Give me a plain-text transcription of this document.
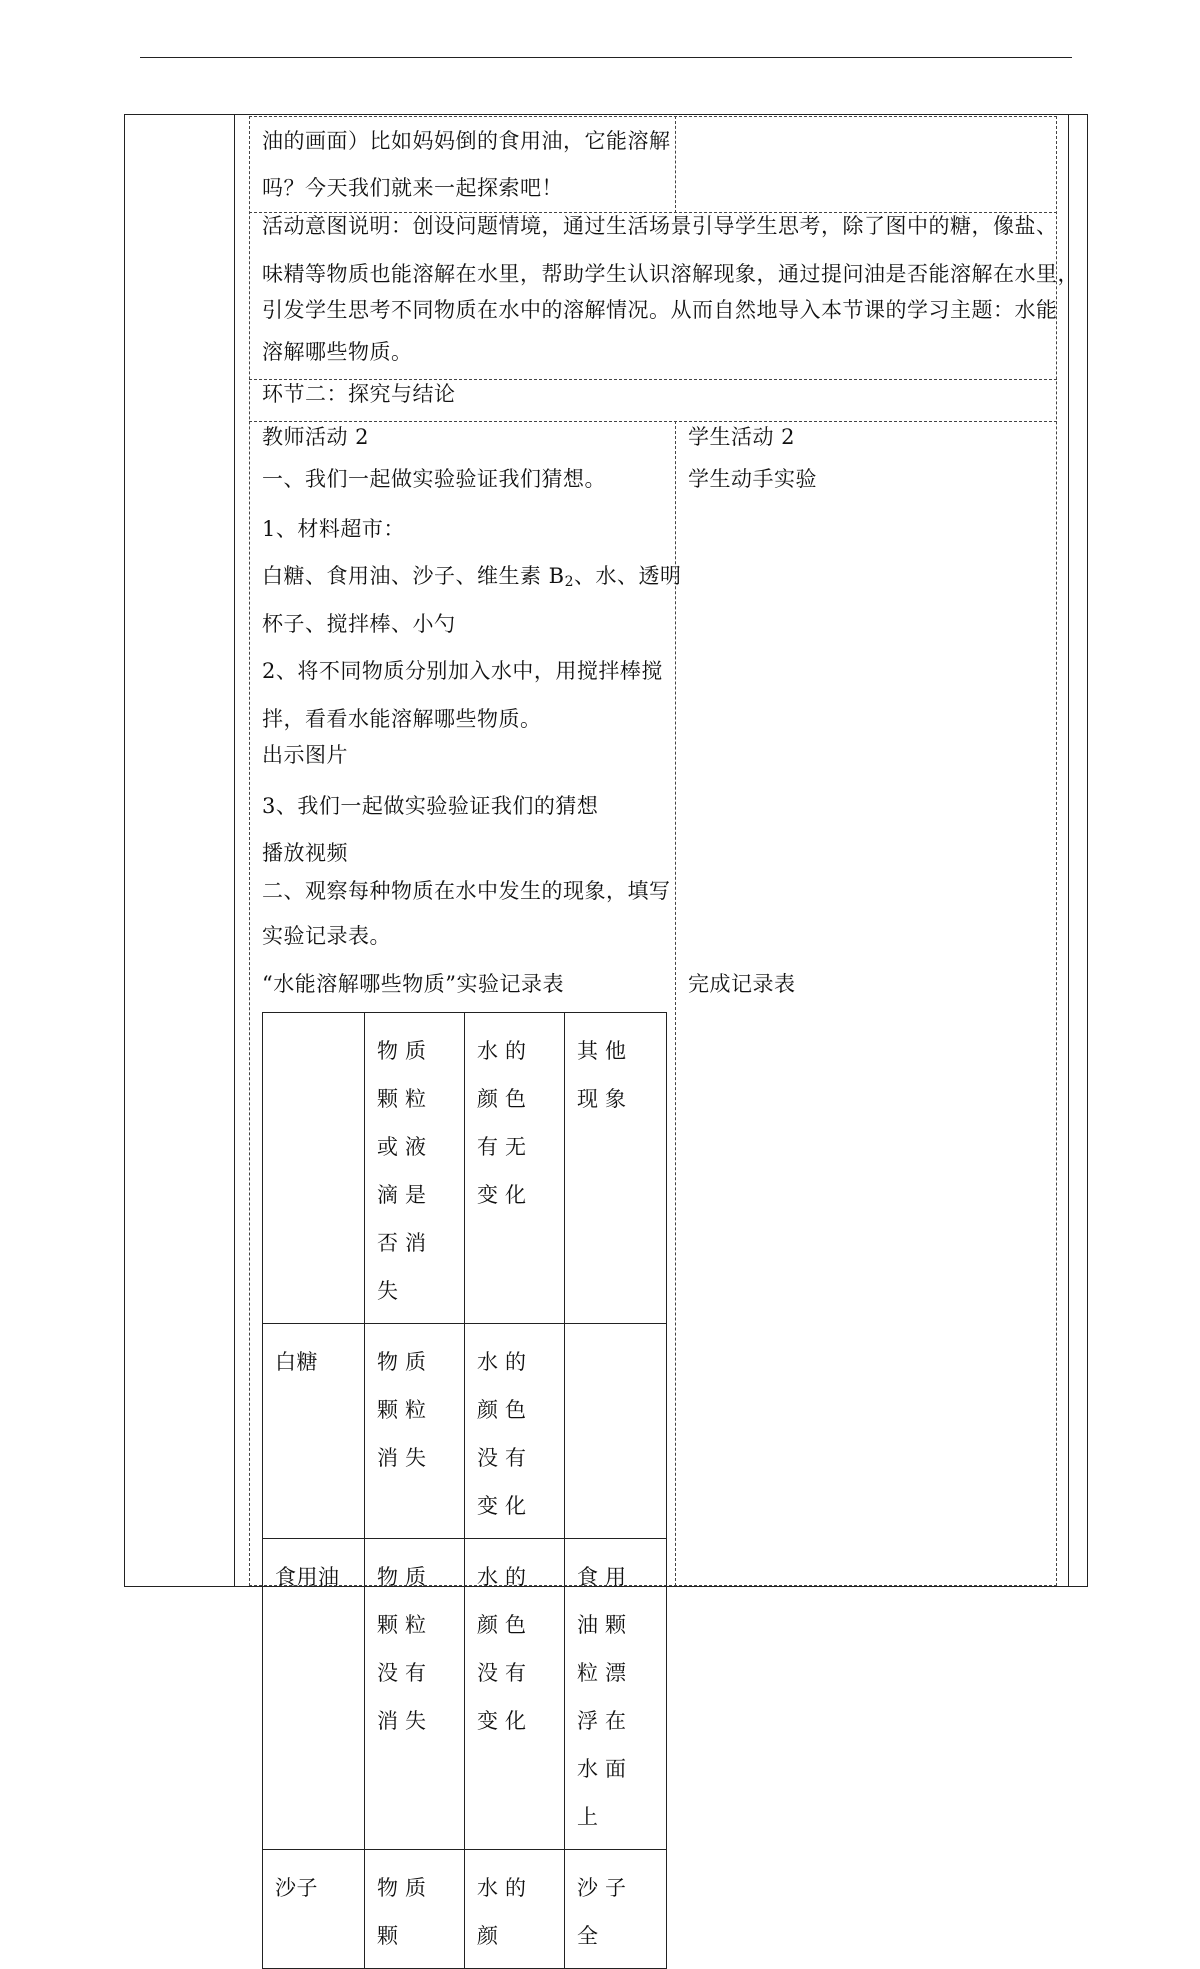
油的画面）比如妈妈倒的食用油，它能溶解
吗？今天我们就来一起探索吧！
活动意图说明：创设问题情境，通过生活场景引导学生思考，除了图中的糖，像盐、
味精等物质也能溶解在水里，帮助学生认识溶解现象，通过提问油是否能溶解在水里，
引发学生思考不同物质在水中的溶解情况。从而自然地导入本节课的学习主题：水能
溶解哪些物质。
环节二：探究与结论
教师活动 2
一、我们一起做实验验证我们猜想。
1、材料超市：
白糖、食用油、沙子、维生素 $B_2$、水、透明
杯子、搅拌棒、小勺
2、将不同物质分别加入水中，用搅拌棒搅
拌，看看水能溶解哪些物质。
出示图片
3、我们一起做实验验证我们的猜想
播放视频
二、观察每种物质在水中发生的现象，填写
实验记录表。
“水能溶解哪些物质”实验记录表
学生活动 2
学生动手实验
完成记录表
	物质颗粒或液滴是否消失	水的颜色有无变化	其他现象
白糖	物质颗粒消失	水的颜色没有变化	
食用油	物质颗粒没有消失	水的颜色没有变化	食用油颗粒漂浮在水面上
沙子	物质颗	水的颜	沙子全
